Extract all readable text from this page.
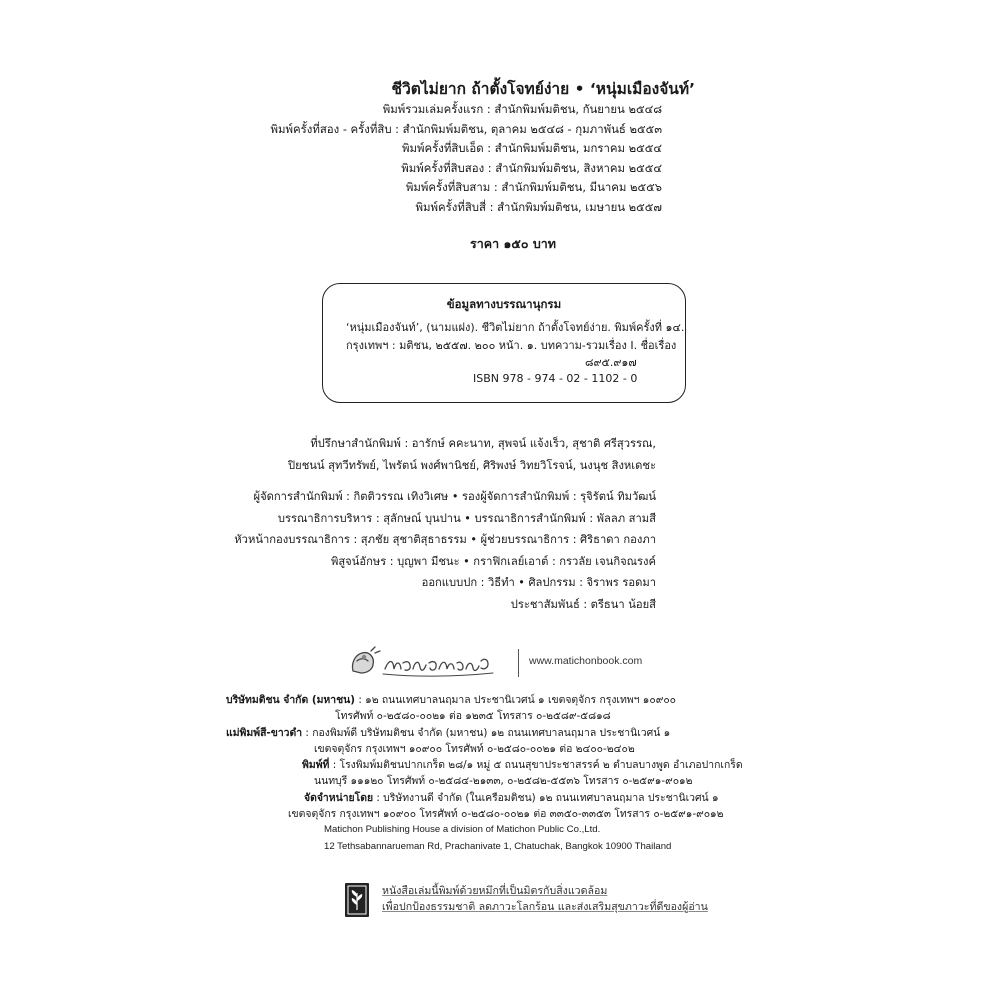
ชีวิตไม่ยาก ถ้าตั้งโจทย์ง่าย • ‘หนุ่มเมืองจันท์’
พิมพ์รวมเล่มครั้งแรก : สำนักพิมพ์มติชน, กันยายน ๒๕๔๘
พิมพ์ครั้งที่สอง - ครั้งที่สิบ : สำนักพิมพ์มติชน, ตุลาคม ๒๕๔๘ - กุมภาพันธ์ ๒๕๕๓
พิมพ์ครั้งที่สิบเอ็ด : สำนักพิมพ์มติชน, มกราคม ๒๕๕๔
พิมพ์ครั้งที่สิบสอง : สำนักพิมพ์มติชน, สิงหาคม ๒๕๕๔
พิมพ์ครั้งที่สิบสาม : สำนักพิมพ์มติชน, มีนาคม ๒๕๕๖
พิมพ์ครั้งที่สิบสี่ : สำนักพิมพ์มติชน, เมษายน ๒๕๕๗
ราคา ๑๕๐ บาท
ข้อมูลทางบรรณานุกรม
‘หนุ่มเมืองจันท์’, (นามแฝง). ชีวิตไม่ยาก ถ้าตั้งโจทย์ง่าย. พิมพ์ครั้งที่ ๑๔.
กรุงเทพฯ : มติชน, ๒๕๕๗. ๒๐๐ หน้า. ๑. บทความ-รวมเรื่อง I. ชื่อเรื่อง
๘๙๕.๙๑๗
ISBN 978 - 974 - 02 - 1102 - 0
ที่ปรึกษาสำนักพิมพ์ : อารักษ์ คคะนาท, สุพจน์ แจ้งเร็ว, สุชาติ ศรีสุวรรณ,
ปิยชนน์ สุทวีทรัพย์, ไพรัตน์ พงศ์พานิชย์, ศิริพงษ์ วิทยวิโรจน์, นงนุช สิงหเดชะ
ผู้จัดการสำนักพิมพ์ : กิตติวรรณ เทิงวิเศษ • รองผู้จัดการสำนักพิมพ์ : รุจิรัตน์ ทิมวัฒน์
บรรณาธิการบริหาร : สุลักษณ์ บุนปาน • บรรณาธิการสำนักพิมพ์ : พัลลภ สามสี
หัวหน้ากองบรรณาธิการ : สุภชัย สุชาติสุธาธรรม • ผู้ช่วยบรรณาธิการ : ศิริธาดา กองภา
พิสูจน์อักษร : บุญพา มีชนะ • กราฟิกเลย์เอาต์ : กรวลัย เจนกิจณรงค์
ออกแบบปก : วิธีทำ • ศิลปกรรม : จิราพร รอดมา
ประชาสัมพันธ์ : ตรีธนา น้อยสี
www.matichonbook.com
บริษัทมติชน จำกัด (มหาชน) : ๑๒ ถนนเทศบาลนฤมาล ประชานิเวศน์ ๑ เขตจตุจักร กรุงเทพฯ ๑๐๙๐๐
โทรศัพท์ ๐-๒๕๘๐-๐๐๒๑ ต่อ ๑๒๓๕ โทรสาร ๐-๒๕๘๙-๕๘๑๘
แม่พิมพ์สี-ขาวดำ : กองพิมพ์ดี บริษัทมติชน จำกัด (มหาชน) ๑๒ ถนนเทศบาลนฤมาล ประชานิเวศน์ ๑
เขตจตุจักร กรุงเทพฯ ๑๐๙๐๐ โทรศัพท์ ๐-๒๕๘๐-๐๐๒๑ ต่อ ๒๔๐๐-๒๔๐๒
พิมพ์ที่ : โรงพิมพ์มติชนปากเกร็ด ๒๘/๑ หมู่ ๕ ถนนสุขาประชาสรรค์ ๒ ตำบลบางพูด อำเภอปากเกร็ด
นนทบุรี ๑๑๑๒๐ โทรศัพท์ ๐-๒๕๘๔-๒๑๓๓, ๐-๒๕๘๒-๕๕๓๖ โทรสาร ๐-๒๕๙๑-๙๐๑๒
จัดจำหน่ายโดย : บริษัทงานดี จำกัด (ในเครือมติชน) ๑๒ ถนนเทศบาลนฤมาล ประชานิเวศน์ ๑
เขตจตุจักร กรุงเทพฯ ๑๐๙๐๐ โทรศัพท์ ๐-๒๕๘๐-๐๐๒๑ ต่อ ๓๓๕๐-๓๓๕๓ โทรสาร ๐-๒๕๙๑-๙๐๑๒
Matichon Publishing House a division of Matichon Public Co.,Ltd.
12 Tethsabannarueman Rd, Prachanivate 1, Chatuchak, Bangkok 10900 Thailand
หนังสือเล่มนี้พิมพ์ด้วยหมึกที่เป็นมิตรกับสิ่งแวดล้อม
เพื่อปกป้องธรรมชาติ ลดภาวะโลกร้อน และส่งเสริมสุขภาวะที่ดีของผู้อ่าน
